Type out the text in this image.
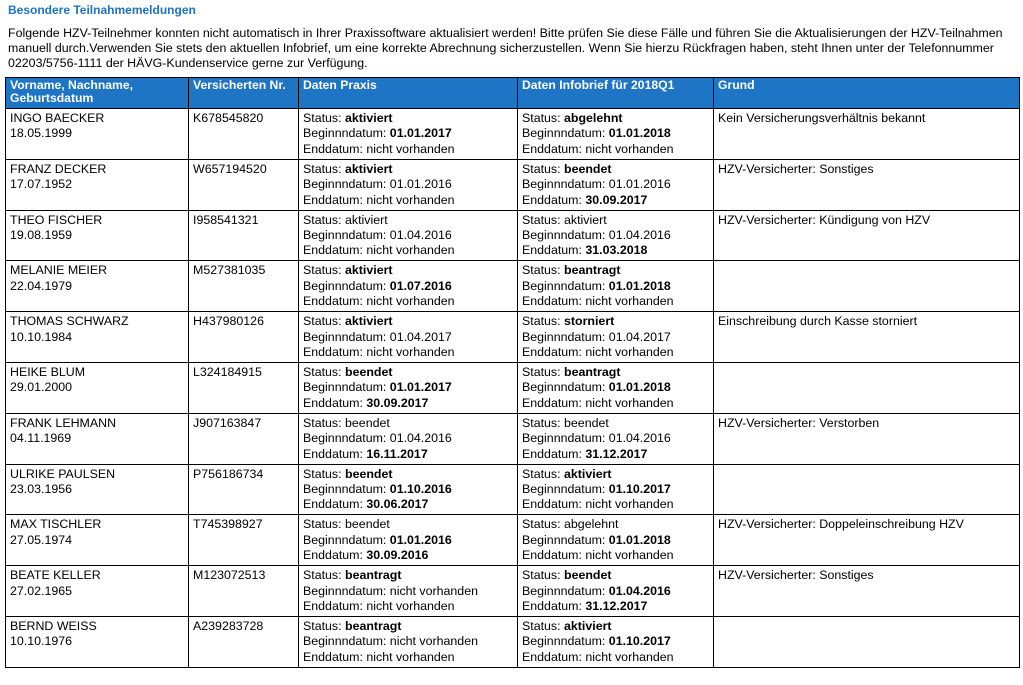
Besondere Teilnahmemeldungen
Folgende HZV-Teilnehmer konnten nicht automatisch in Ihrer Praxissoftware aktualisiert werden! Bitte prüfen Sie diese Fälle und führen Sie die Aktualisierungen der HZV-Teilnahmen manuell durch.Verwenden Sie stets den aktuellen Infobrief, um eine korrekte Abrechnung sicherzustellen. Wenn Sie hierzu Rückfragen haben, steht Ihnen unter der Telefonnummer 02203/5756-1111 der HÄVG-Kundenservice gerne zur Verfügung.
Vorname, Nachname, Geburtsdatum	Versicherten Nr.	Daten Praxis	Daten Infobrief für 2018Q1	Grund

INGO BAECKER
18.05.1999	K678545820	Status: aktiviert
Beginnndatum: 01.01.2017
Enddatum: nicht vorhanden	Status: abgelehnt
Beginnndatum: 01.01.2018
Enddatum: nicht vorhanden	Kein Versicherungsverhältnis bekannt

FRANZ DECKER
17.07.1952	W657194520	Status: aktiviert
Beginnndatum: 01.01.2016
Enddatum: nicht vorhanden	Status: beendet
Beginnndatum: 01.01.2016
Enddatum: 30.09.2017	HZV-Versicherter: Sonstiges

THEO FISCHER
19.08.1959	I958541321	Status: aktiviert
Beginnndatum: 01.04.2016
Enddatum: nicht vorhanden	Status: aktiviert
Beginnndatum: 01.04.2016
Enddatum: 31.03.2018	HZV-Versicherter: Kündigung von HZV

MELANIE MEIER
22.04.1979	M527381035	Status: aktiviert
Beginnndatum: 01.07.2016
Enddatum: nicht vorhanden	Status: beantragt
Beginnndatum: 01.01.2018
Enddatum: nicht vorhanden	

THOMAS SCHWARZ
10.10.1984	H437980126	Status: aktiviert
Beginnndatum: 01.04.2017
Enddatum: nicht vorhanden	Status: storniert
Beginnndatum: 01.04.2017
Enddatum: nicht vorhanden	Einschreibung durch Kasse storniert

HEIKE BLUM
29.01.2000	L324184915	Status: beendet
Beginnndatum: 01.01.2017
Enddatum: 30.09.2017	Status: beantragt
Beginnndatum: 01.01.2018
Enddatum: nicht vorhanden	

FRANK LEHMANN
04.11.1969	J907163847	Status: beendet
Beginnndatum: 01.04.2016
Enddatum: 16.11.2017	Status: beendet
Beginnndatum: 01.04.2016
Enddatum: 31.12.2017	HZV-Versicherter: Verstorben

ULRIKE PAULSEN
23.03.1956	P756186734	Status: beendet
Beginnndatum: 01.10.2016
Enddatum: 30.06.2017	Status: aktiviert
Beginnndatum: 01.10.2017
Enddatum: nicht vorhanden	

MAX TISCHLER
27.05.1974	T745398927	Status: beendet
Beginnndatum: 01.01.2016
Enddatum: 30.09.2016	Status: abgelehnt
Beginnndatum: 01.01.2018
Enddatum: nicht vorhanden	HZV-Versicherter: Doppeleinschreibung HZV

BEATE KELLER
27.02.1965	M123072513	Status: beantragt
Beginnndatum: nicht vorhanden
Enddatum: nicht vorhanden	Status: beendet
Beginnndatum: 01.04.2016
Enddatum: 31.12.2017	HZV-Versicherter: Sonstiges

BERND WEISS
10.10.1976	A239283728	Status: beantragt
Beginnndatum: nicht vorhanden
Enddatum: nicht vorhanden	Status: aktiviert
Beginnndatum: 01.10.2017
Enddatum: nicht vorhanden	
